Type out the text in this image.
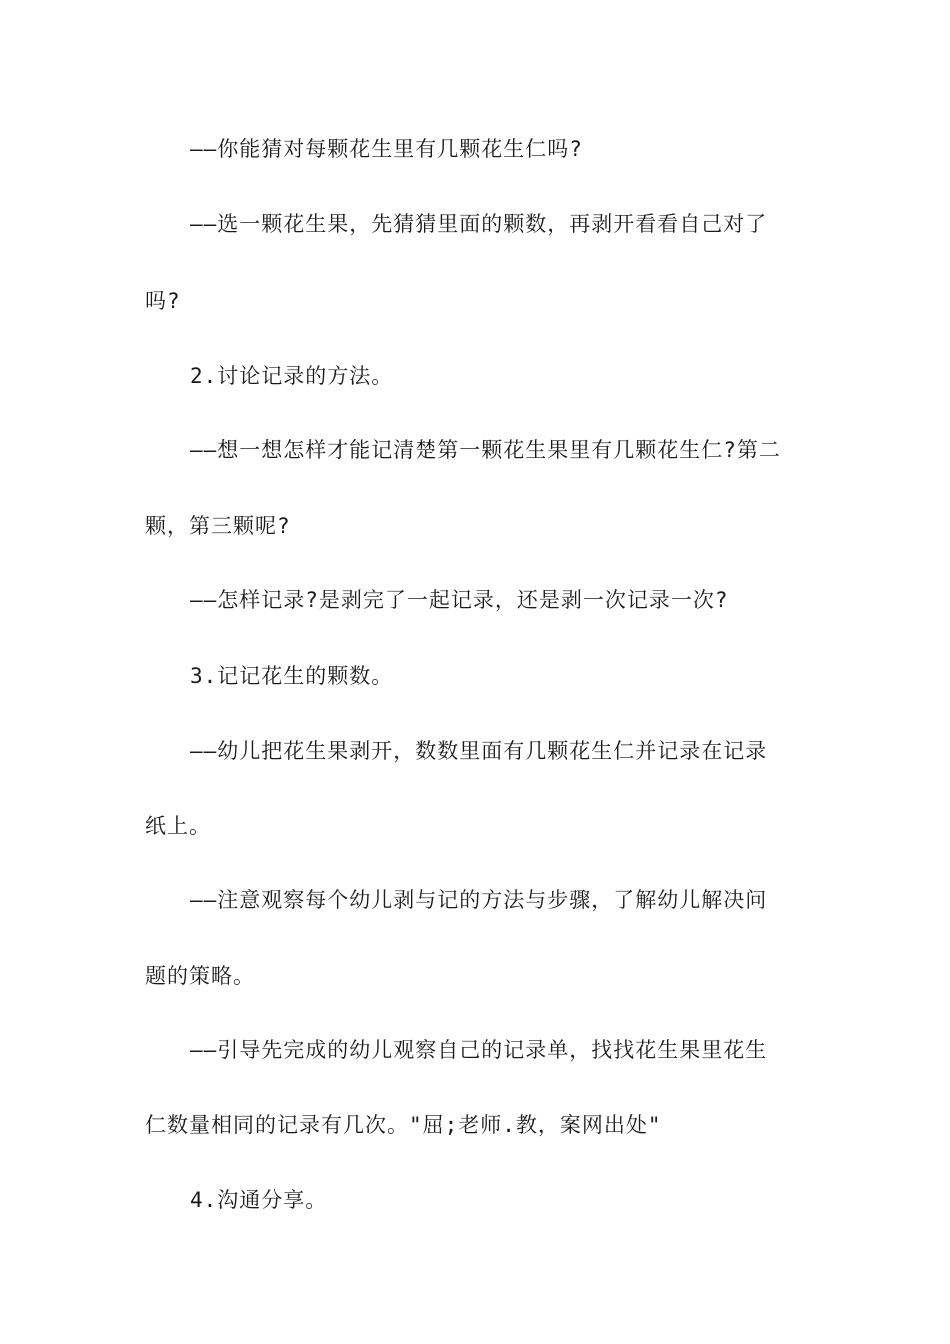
——你能猜对每颗花生里有几颗花生仁吗?
——选一颗花生果，先猜猜里面的颗数，再剥开看看自己对了
吗?
2.讨论记录的方法。
——想一想怎样才能记清楚第一颗花生果里有几颗花生仁?第二
颗，第三颗呢?
——怎样记录?是剥完了一起记录，还是剥一次记录一次?
3.记记花生的颗数。
——幼儿把花生果剥开，数数里面有几颗花生仁并记录在记录
纸上。
——注意观察每个幼儿剥与记的方法与步骤，了解幼儿解决问
题的策略。
——引导先完成的幼儿观察自己的记录单，找找花生果里花生
仁数量相同的记录有几次。"屈;老师.教，案网出处"
4.沟通分享。
